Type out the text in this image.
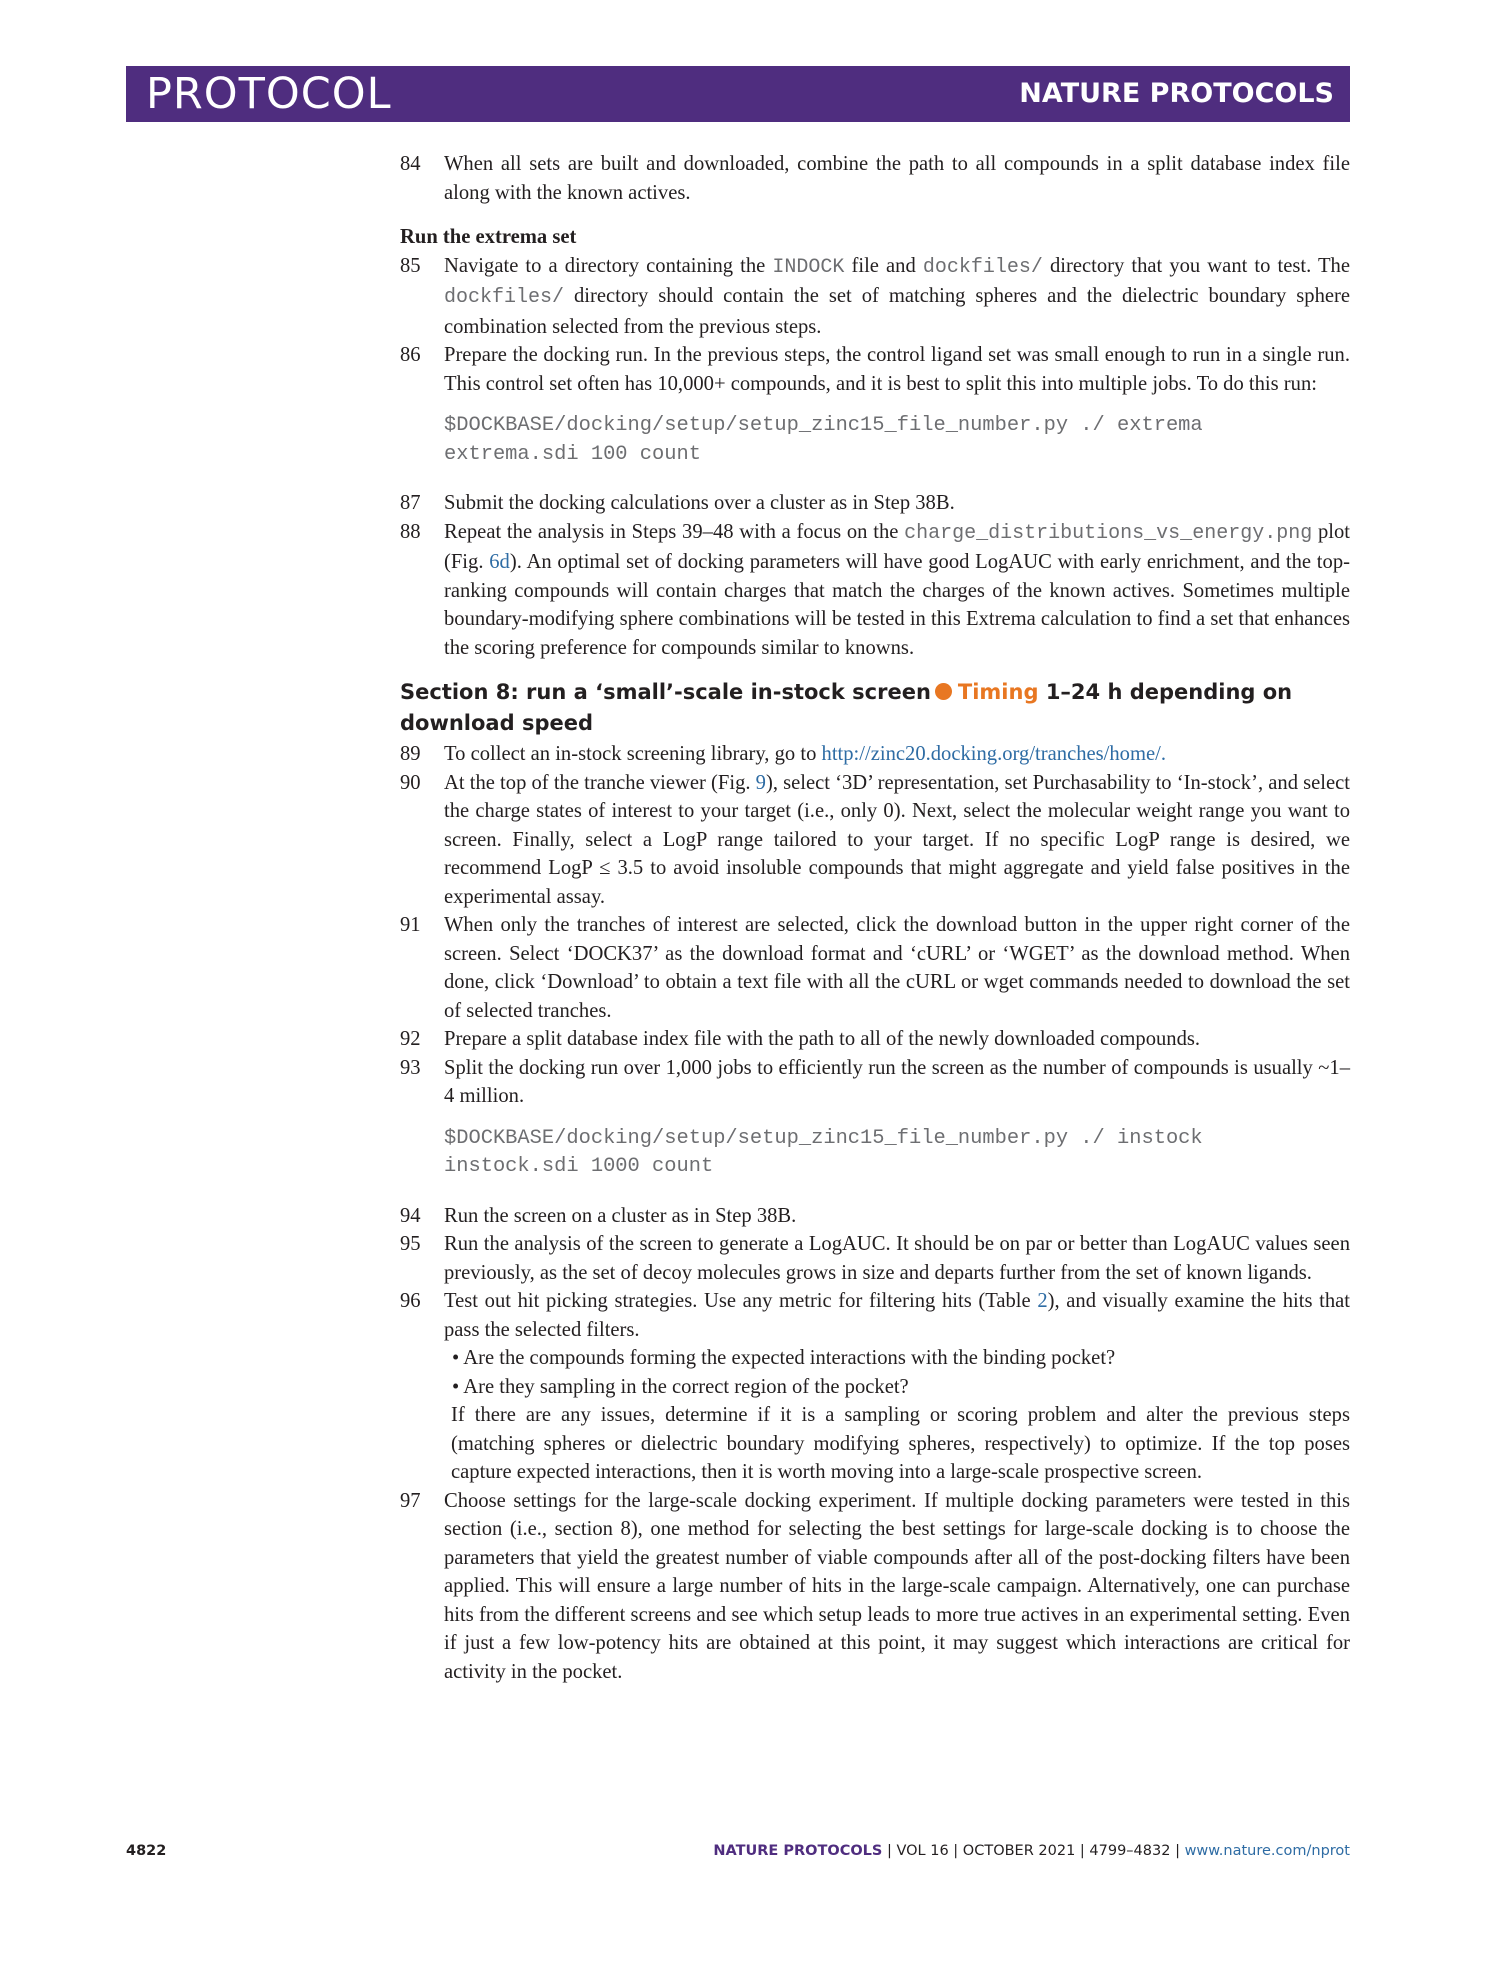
PROTOCOL	NATURE PROTOCOLS
84 When all sets are built and downloaded, combine the path to all compounds in a split database index file along with the known actives.
Run the extrema set
85 Navigate to a directory containing the INDOCK file and dockfiles/ directory that you want to test. The dockfiles/ directory should contain the set of matching spheres and the dielectric boundary sphere combination selected from the previous steps.
86 Prepare the docking run. In the previous steps, the control ligand set was small enough to run in a single run. This control set often has 10,000+ compounds, and it is best to split this into multiple jobs. To do this run:
$DOCKBASE/docking/setup/setup_zinc15_file_number.py ./ extrema
extrema.sdi 100 count
87 Submit the docking calculations over a cluster as in Step 38B.
88 Repeat the analysis in Steps 39–48 with a focus on the charge_distributions_vs_energy.png plot (Fig. 6d). An optimal set of docking parameters will have good LogAUC with early enrichment, and the top-ranking compounds will contain charges that match the charges of the known actives. Sometimes multiple boundary-modifying sphere combinations will be tested in this Extrema calculation to find a set that enhances the scoring preference for compounds similar to knowns.
Section 8: run a ‘small’-scale in-stock screen Timing 1–24 h depending on download speed
89 To collect an in-stock screening library, go to http://zinc20.docking.org/tranches/home/.
90 At the top of the tranche viewer (Fig. 9), select ‘3D’ representation, set Purchasability to ‘In-stock’, and select the charge states of interest to your target (i.e., only 0). Next, select the molecular weight range you want to screen. Finally, select a LogP range tailored to your target. If no specific LogP range is desired, we recommend LogP ≤ 3.5 to avoid insoluble compounds that might aggregate and yield false positives in the experimental assay.
91 When only the tranches of interest are selected, click the download button in the upper right corner of the screen. Select ‘DOCK37’ as the download format and ‘cURL’ or ‘WGET’ as the download method. When done, click ‘Download’ to obtain a text file with all the cURL or wget commands needed to download the set of selected tranches.
92 Prepare a split database index file with the path to all of the newly downloaded compounds.
93 Split the docking run over 1,000 jobs to efficiently run the screen as the number of compounds is usually ~1–4 million.
$DOCKBASE/docking/setup/setup_zinc15_file_number.py ./ instock
instock.sdi 1000 count
94 Run the screen on a cluster as in Step 38B.
95 Run the analysis of the screen to generate a LogAUC. It should be on par or better than LogAUC values seen previously, as the set of decoy molecules grows in size and departs further from the set of known ligands.
96 Test out hit picking strategies. Use any metric for filtering hits (Table 2), and visually examine the hits that pass the selected filters.
• Are the compounds forming the expected interactions with the binding pocket?
• Are they sampling in the correct region of the pocket?
If there are any issues, determine if it is a sampling or scoring problem and alter the previous steps (matching spheres or dielectric boundary modifying spheres, respectively) to optimize. If the top poses capture expected interactions, then it is worth moving into a large-scale prospective screen.
97 Choose settings for the large-scale docking experiment. If multiple docking parameters were tested in this section (i.e., section 8), one method for selecting the best settings for large-scale docking is to choose the parameters that yield the greatest number of viable compounds after all of the post-docking filters have been applied. This will ensure a large number of hits in the large-scale campaign. Alternatively, one can purchase hits from the different screens and see which setup leads to more true actives in an experimental setting. Even if just a few low-potency hits are obtained at this point, it may suggest which interactions are critical for activity in the pocket.
4822	NATURE PROTOCOLS | VOL 16 | OCTOBER 2021 | 4799–4832 | www.nature.com/nprot
